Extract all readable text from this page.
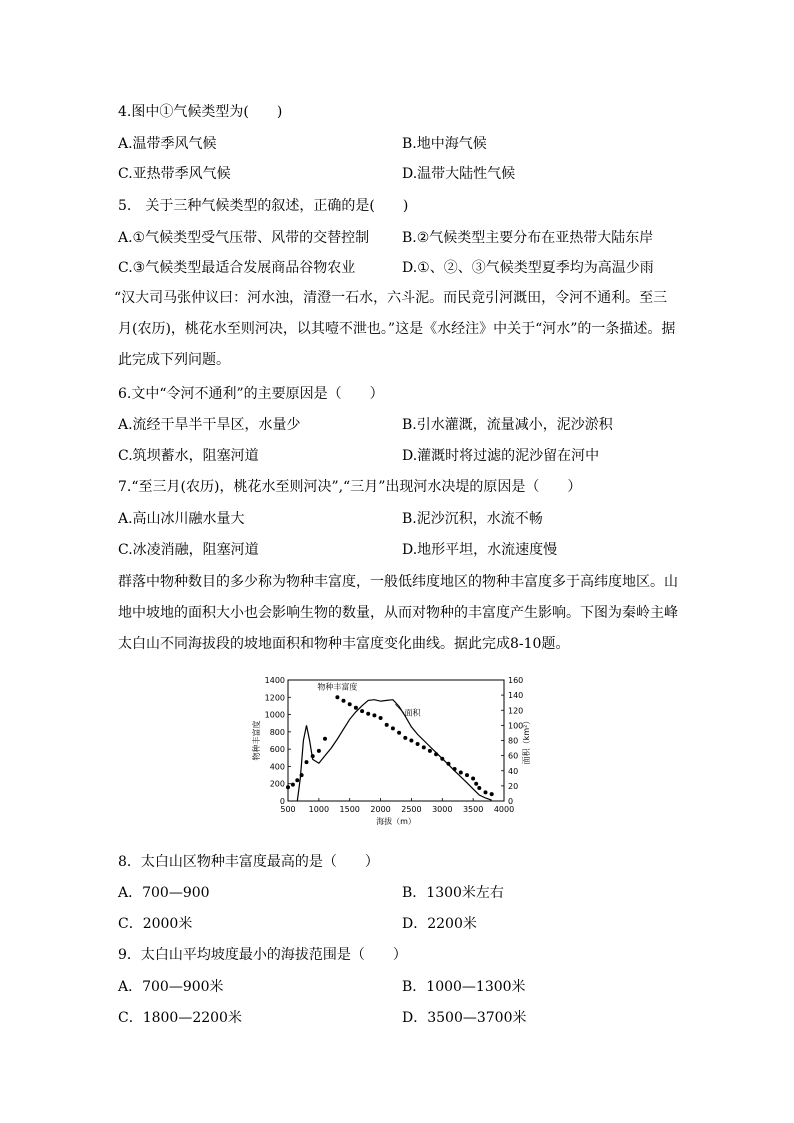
4.图中①气候类型为(　　)
A.温带季风气候	B.地中海气候
C.亚热带季风气候	D.温带大陆性气候
5.　关于三种气候类型的叙述，正确的是(　　)
A.①气候类型受气压带、风带的交替控制 B.②气候类型主要分布在亚热带大陆东岸
C.③气候类型最适合发展商品谷物农业	D.①、②、③气候类型夏季均为高温少雨
“汉大司马张仲议曰：河水浊，清澄一石水，六斗泥。而民竞引河溉田，令河不通利。至三月(农历)，桃花水至则河决，以其噎不泄也。”这是《水经注》中关于“河水”的一条描述。据此完成下列问题。
6.文中“令河不通利”的主要原因是（　　）
A.流经干旱半干旱区，水量少	B.引水灌溉，流量减小，泥沙淤积
C.筑坝蓄水，阻塞河道	D.灌溉时将过滤的泥沙留在河中
7.“至三月(农历)，桃花水至则河决”,“三月”出现河水决堤的原因是（　　）
A.高山冰川融水量大	B.泥沙沉积，水流不畅
C.冰凌消融，阻塞河道	D.地形平坦，水流速度慢
群落中物种数目的多少称为物种丰富度，一般低纬度地区的物种丰富度多于高纬度地区。山地中坡地的面积大小也会影响生物的数量，从而对物种的丰富度产生影响。下图为秦岭主峰太白山不同海拔段的坡地面积和物种丰富度变化曲线。据此完成8-10题。
500 1000 1500 2000 2500 3000 3500 4000
0
200
400
600
800
1000
1200
1400
0
20
40
60
80
100
120
140
160
海拔（m）
物种丰富度	面积（km²）
物种丰富度
面积
8．太白山区物种丰富度最高的是（　　）
A．700—900	B．1300米左右
C．2000米	D．2200米
9．太白山平均坡度最小的海拔范围是（　　）
A．700—900米	B．1000—1300米
C．1800—2200米	D．3500—3700米
